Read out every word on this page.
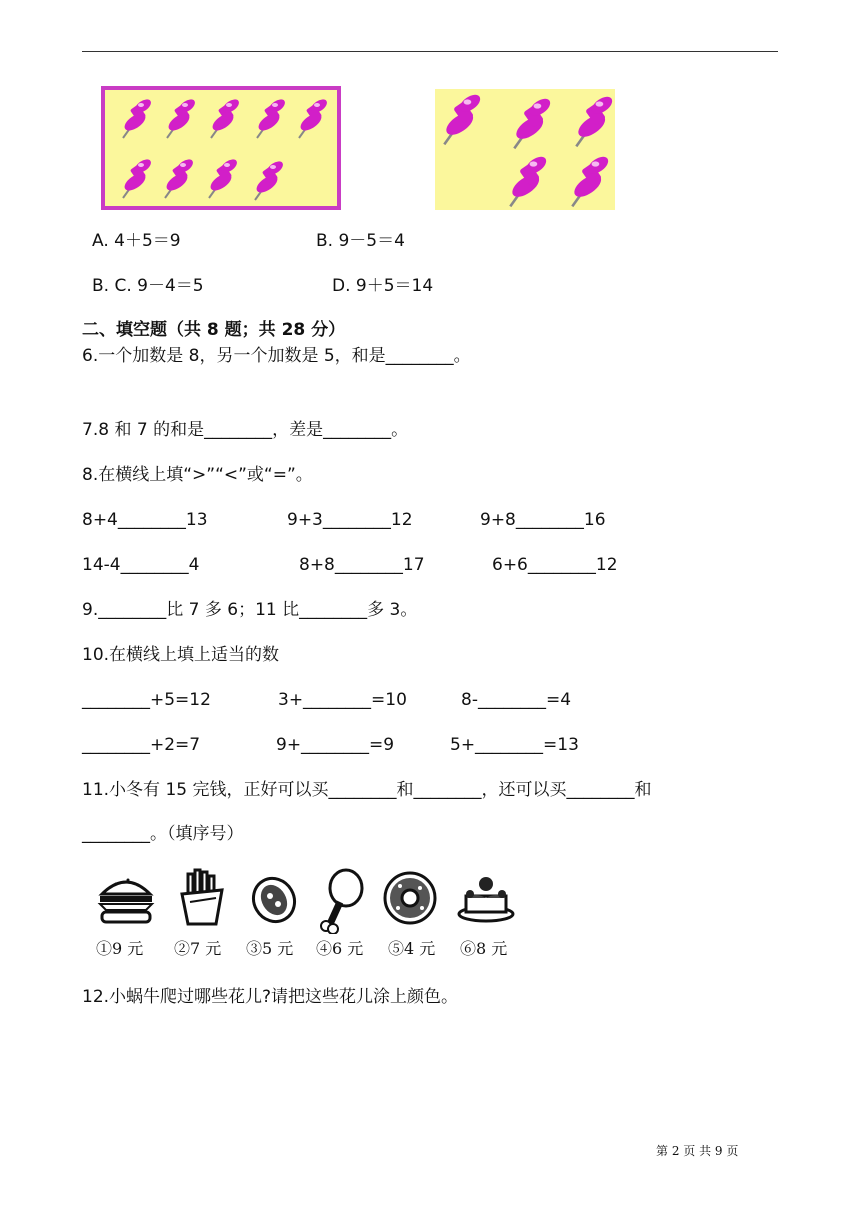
A. 4＋5＝9	B. 9－5＝4
B. C. 9－4＝5	D. 9＋5＝14
二、填空题（共 8 题；共 28 分）
6.一个加数是 8，另一个加数是 5，和是________。
7.8 和 7 的和是________，差是________。
8.在横线上填“>”“<”或“=”。
8+4________13	9+3________12	9+8________16
14-4________4	8+8________17	6+6________12
9.________比 7 多 6；11 比________多 3。
10.在横线上填上适当的数
________+5=12	3+________=10	8-________=4
________+2=7	9+________=9	5+________=13
11.小冬有 15 完钱，正好可以买________和________，还可以买________和
________。（填序号）
①9 元 ②7 元 ③5 元 ④6 元 ⑤4 元 ⑥8 元
12.小蜗牛爬过哪些花儿?请把这些花儿涂上颜色。
第 2 页 共 9 页
